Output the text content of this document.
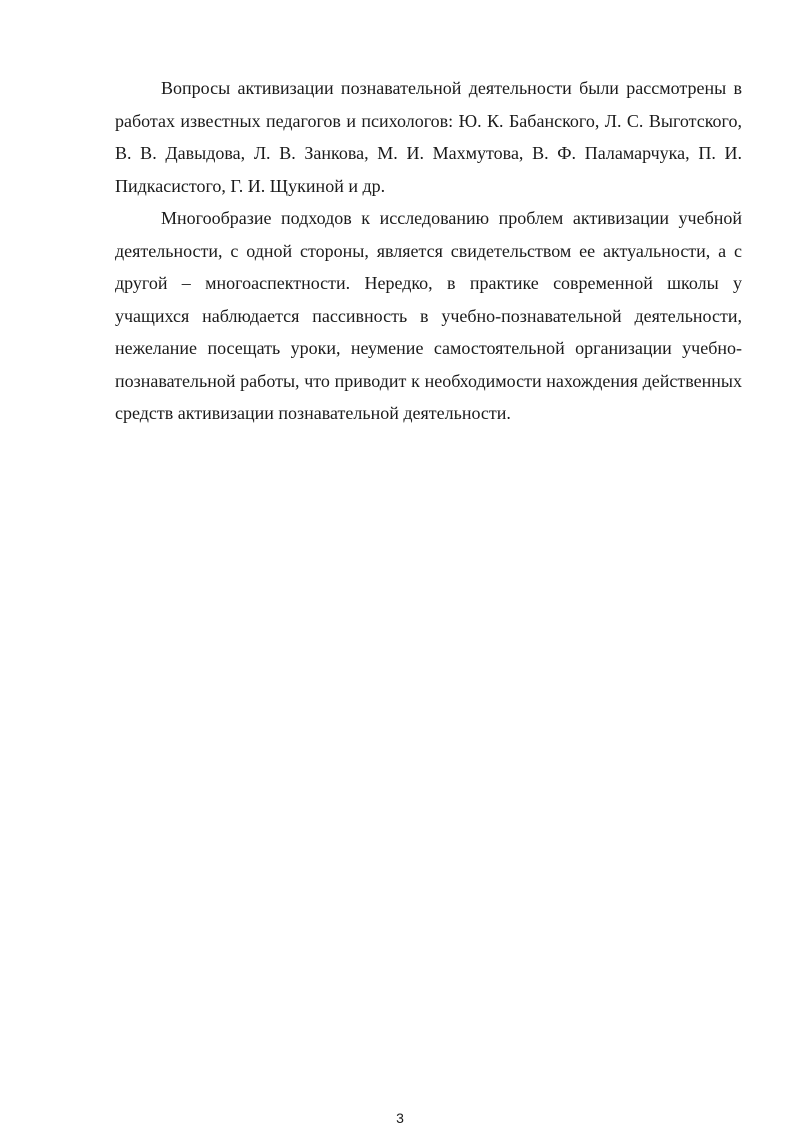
Вопросы активизации познавательной деятельности были рассмотрены в работах известных педагогов и психологов: Ю. К. Бабанского, Л. С. Выготского, В. В. Давыдова, Л. В. Занкова, М. И. Махмутова, В. Ф. Паламарчука, П. И. Пидкасистого, Г. И. Щукиной и др.

Многообразие подходов к исследованию проблем активизации учебной деятельности, с одной стороны, является свидетельством ее актуальности, а с другой – многоаспектности. Нередко, в практике современной школы у учащихся наблюдается пассивность в учебно-познавательной деятельности, нежелание посещать уроки, неумение самостоятельной организации учебно-познавательной работы, что приводит к необходимости нахождения действенных средств активизации познавательной деятельности.

3
